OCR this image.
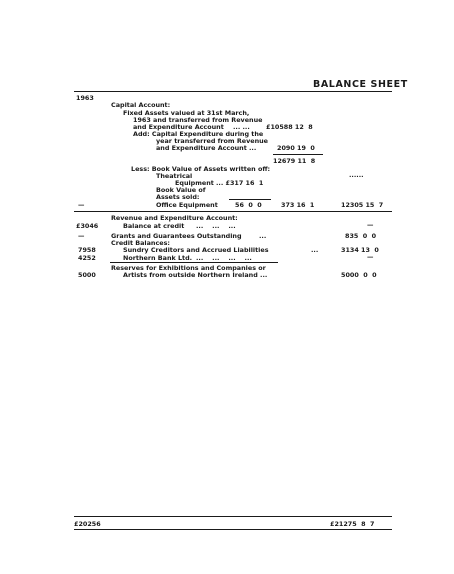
BALANCE SHEET
1963
Capital Account:
Fixed Assets valued at 31st March,
1963 and transferred from Revenue
and Expenditure Account ... ...	£10588 12  8
Add: Capital Expenditure during the
year transferred from Revenue
and Expenditure Account ...	2090 19  0
12679 11  8
Less: Book Value of Assets written off:
......
Theatrical
Equipment ... £317 16  1
Book Value of
Assets sold:
—	Office Equipment	56  0  0	373 16  1	12305 15  7
Revenue and Expenditure Account:
£3046	Balance at credit ...    ...    ...	—
—	Grants and Guarantees Outstanding	...	835  0  0
Credit Balances:
7958	Sundry Creditors and Accrued Liabilities	...	3134 13  0
4252	Northern Bank Ltd. ...    ...    ...    ...	—
Reserves for Exhibitions and Companies or
5000	Artists from outside Northern Ireland ...	5000  0  0
£20256	£21275  8  7
